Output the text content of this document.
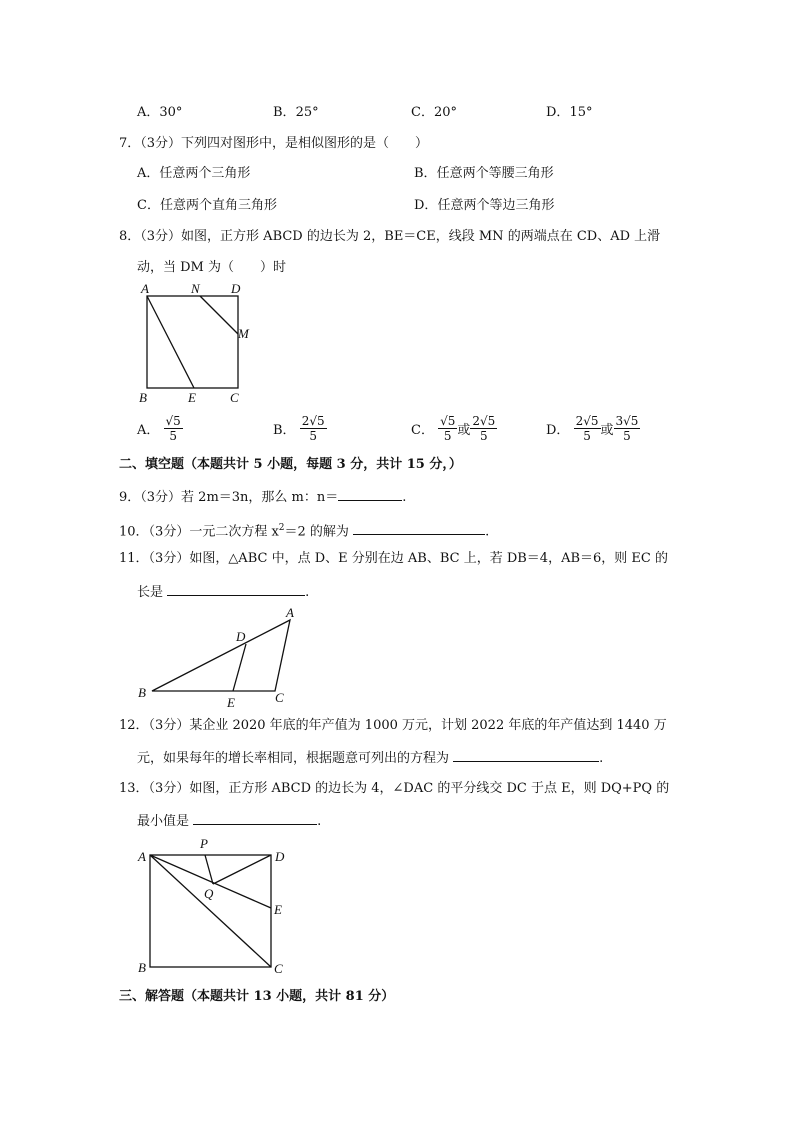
A．30°	B．25°	C．20°	D．15°
7．（3分）下列四对图形中，是相似图形的是（　　）
A．任意两个三角形	B．任意两个等腰三角形
C．任意两个直角三角形	D．任意两个等边三角形
8．（3分）如图，正方形 ABCD 的边长为 2，BE＝CE，线段 MN 的两端点在 CD、AD 上滑
动，当 DM 为（　　）时
A	N D
M
B	E	C
A． $\frac{√5}{5}$	B． $\frac{2√5}{5}$	C． $\frac{√5}{5}$ 或 $\frac{2√5}{5}$	D． $\frac{2√5}{5}$ 或 $\frac{3√5}{5}$
二、填空题（本题共计 5 小题，每题 3 分，共计 15 分，）
9．（3分）若 2m＝3n，那么 m：n＝	.
10．（3分）一元二次方程 $x^2=2$ 的解为	.
11．（3分）如图，△ABC 中，点 D、E 分别在边 AB、BC 上，若 DB＝4，AB＝6，则 EC 的
长是	.
A
D
B
E	C
12．（3分）某企业 2020 年底的年产值为 1000 万元，计划 2022 年底的年产值达到 1440 万
元，如果每年的增长率相同，根据题意可列出的方程为	.
13．（3分）如图，正方形 ABCD 的边长为 4，∠DAC 的平分线交 DC 于点 E，则 DQ+PQ 的
最小值是	.
A
P
D
Q
E
B	C
三、解答题（本题共计 13 小题，共计 81 分）
